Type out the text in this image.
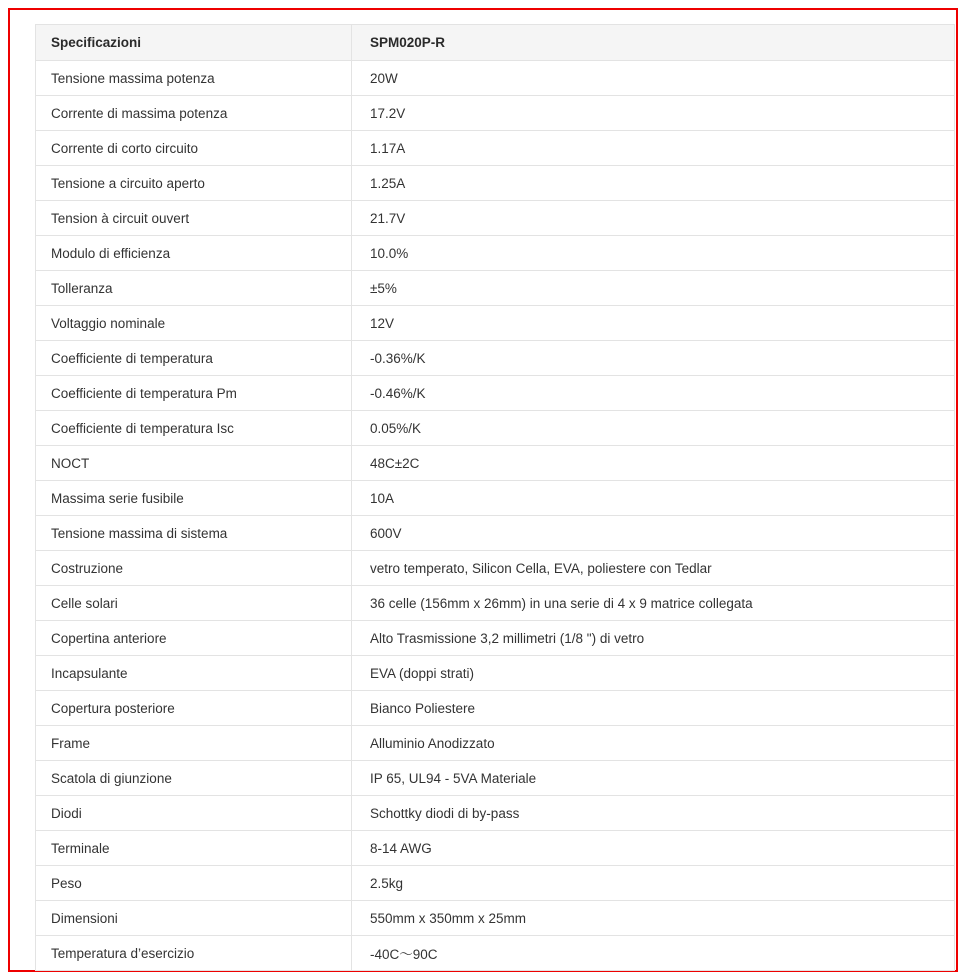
Specificazioni	SPM020P-R
Tensione massima potenza	20W
Corrente di massima potenza	17.2V
Corrente di corto circuito	1.17A
Tensione a circuito aperto	1.25A
Tension à circuit ouvert	21.7V
Modulo di efficienza	10.0%
Tolleranza	±5%
Voltaggio nominale	12V
Coefficiente di temperatura	-0.36%/K
Coefficiente di temperatura Pm	-0.46%/K
Coefficiente di temperatura Isc	0.05%/K
NOCT	48C±2C
Massima serie fusibile	10A
Tensione massima di sistema	600V
Costruzione	vetro temperato, Silicon Cella, EVA, poliestere con Tedlar
Celle solari	36 celle (156mm x 26mm) in una serie di 4 x 9 matrice collegata
Copertina anteriore	Alto Trasmissione 3,2 millimetri (1/8 ") di vetro
Incapsulante	EVA (doppi strati)
Copertura posteriore	Bianco Poliestere
Frame	Alluminio Anodizzato
Scatola di giunzione	IP 65, UL94 - 5VA Materiale
Diodi	Schottky diodi di by-pass
Terminale	8-14 AWG
Peso	2.5kg
Dimensioni	550mm x 350mm x 25mm
Temperatura d’esercizio	-40C～90C
